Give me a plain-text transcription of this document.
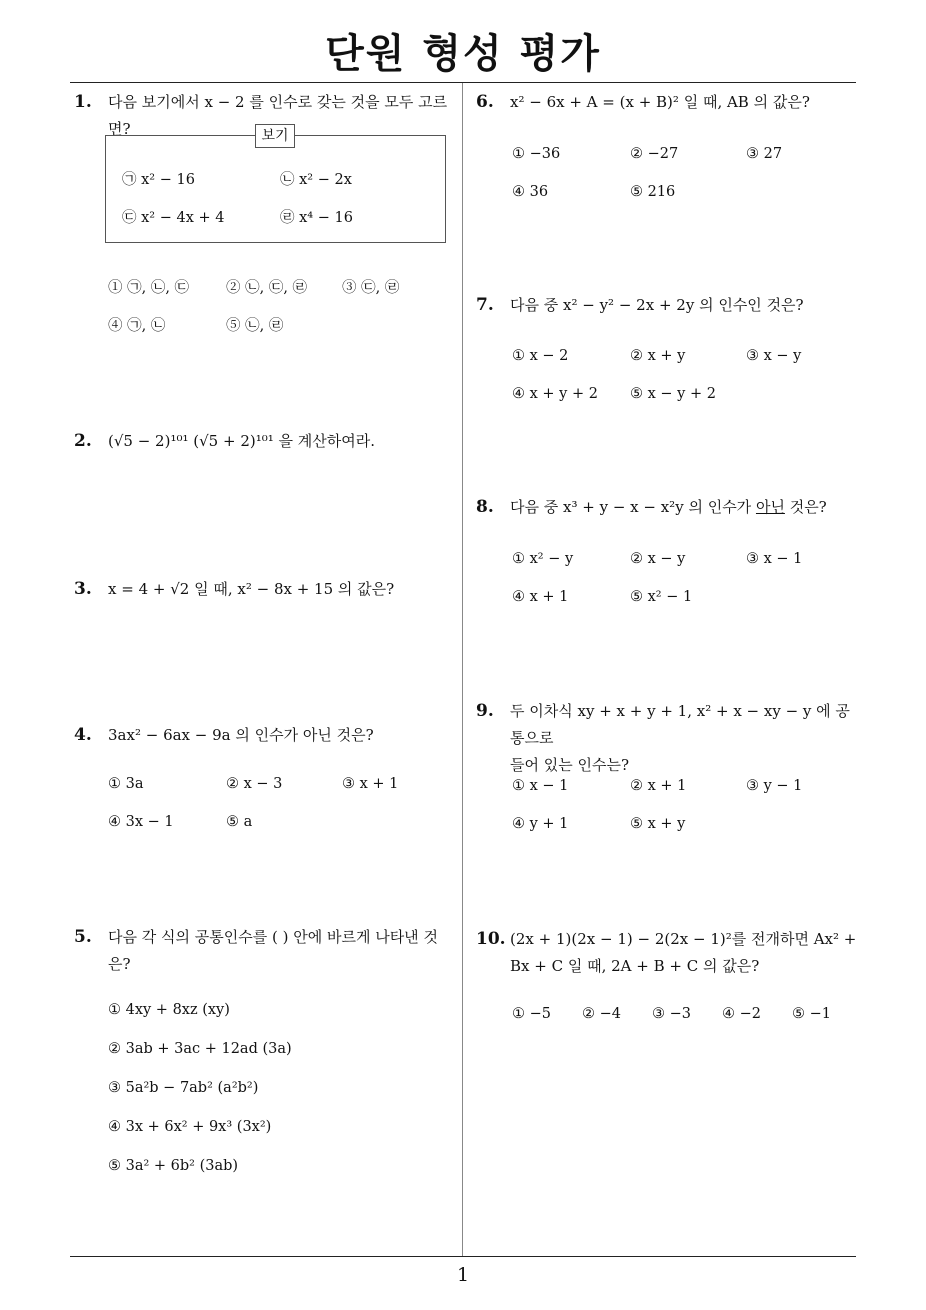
단원 형성 평가
1. 다음 보기에서 x − 2 를 인수로 갖는 것을 모두 고르면?	보기
㉠ x² − 16	㉡ x² − 2x
㉢ x² − 4x + 4	㉣ x⁴ − 16
① ㉠, ㉡, ㉢	② ㉡, ㉢, ㉣ ③ ㉢, ㉣
④ ㉠, ㉡	⑤ ㉡, ㉣
2. (√5 − 2)¹⁰¹ (√5 + 2)¹⁰¹ 을 계산하여라.
3. x = 4 + √2 일 때, x² − 8x + 15 의 값은?
4. 3ax² − 6ax − 9a 의 인수가 아닌 것은?
① 3a	② x − 3	③ x + 1
④ 3x − 1	⑤ a
5. 다음 각 식의 공통인수를 ( ) 안에 바르게 나타낸 것
은?
① 4xy + 8xz (xy)
② 3ab + 3ac + 12ad (3a)
③ 5a²b − 7ab² (a²b²)
④ 3x + 6x² + 9x³ (3x²)
⑤ 3a² + 6b² (3ab)
6. x² − 6x + A = (x + B)² 일 때, AB 의 값은?
① −36	② −27	③ 27
④ 36	⑤ 216
7. 다음 중 x² − y² − 2x + 2y 의 인수인 것은?
① x − 2	② x + y	③ x − y
④ x + y + 2 ⑤ x − y + 2
8. 다음 중 x³ + y − x − x²y 의 인수가 아닌 것은?
① x² − y	② x − y	③ x − 1
④ x + 1	⑤ x² − 1
9. 두 이차식 xy + x + y + 1, x² + x − xy − y 에 공통으로
들어 있는 인수는?
① x − 1	② x + 1	③ y − 1
④ y + 1	⑤ x + y
10. (2x + 1)(2x − 1) − 2(2x − 1)²를 전개하면 Ax² +
Bx + C 일 때, 2A + B + C 의 값은?
① −5 ② −4 ③ −3 ④ −2 ⑤ −1
1
